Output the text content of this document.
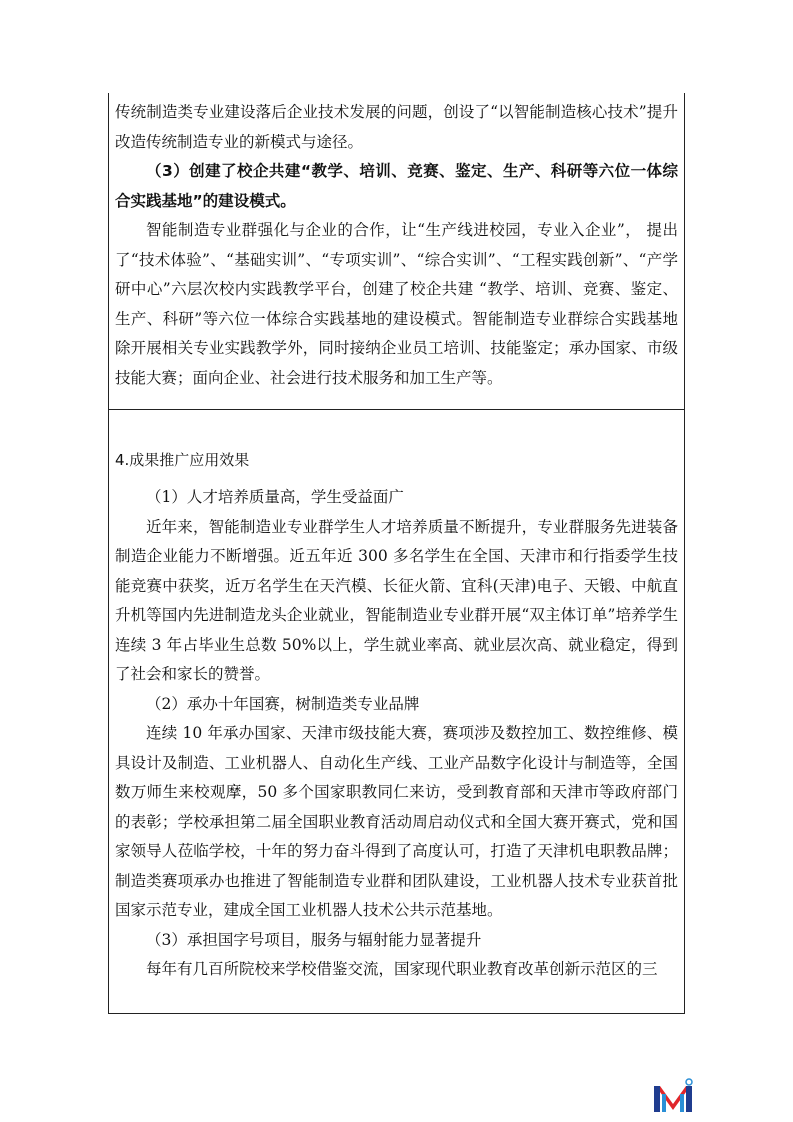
传统制造类专业建设落后企业技术发展的问题，创设了“以智能制造核心技术”提升改造传统制造专业的新模式与途径。

（3）创建了校企共建“教学、培训、竞赛、鉴定、生产、科研等六位一体综合实践基地”的建设模式。

智能制造专业群强化与企业的合作，让“生产线进校园，专业入企业”， 提出了“技术体验”、“基础实训”、“专项实训”、“综合实训”、“工程实践创新”、“产学研中心”六层次校内实践教学平台，创建了校企共建 “教学、培训、竞赛、鉴定、生产、科研”等六位一体综合实践基地的建设模式。智能制造专业群综合实践基地除开展相关专业实践教学外，同时接纳企业员工培训、技能鉴定；承办国家、市级技能大赛；面向企业、社会进行技术服务和加工生产等。

4.成果推广应用效果

（1）人才培养质量高，学生受益面广

近年来，智能制造业专业群学生人才培养质量不断提升，专业群服务先进装备制造企业能力不断增强。近五年近 300 多名学生在全国、天津市和行指委学生技能竞赛中获奖，近万名学生在天汽模、长征火箭、宜科(天津)电子、天锻、中航直升机等国内先进制造龙头企业就业，智能制造业专业群开展“双主体订单”培养学生连续 3 年占毕业生总数 50%以上，学生就业率高、就业层次高、就业稳定，得到了社会和家长的赞誉。

（2）承办十年国赛，树制造类专业品牌

连续 10 年承办国家、天津市级技能大赛，赛项涉及数控加工、数控维修、模具设计及制造、工业机器人、自动化生产线、工业产品数字化设计与制造等，全国数万师生来校观摩，50 多个国家职教同仁来访，受到教育部和天津市等政府部门的表彰；学校承担第二届全国职业教育活动周启动仪式和全国大赛开赛式，党和国家领导人莅临学校，十年的努力奋斗得到了高度认可，打造了天津机电职教品牌；制造类赛项承办也推进了智能制造专业群和团队建设，工业机器人技术专业获首批国家示范专业，建成全国工业机器人技术公共示范基地。

（3）承担国字号项目，服务与辐射能力显著提升

每年有几百所院校来学校借鉴交流，国家现代职业教育改革创新示范区的三
